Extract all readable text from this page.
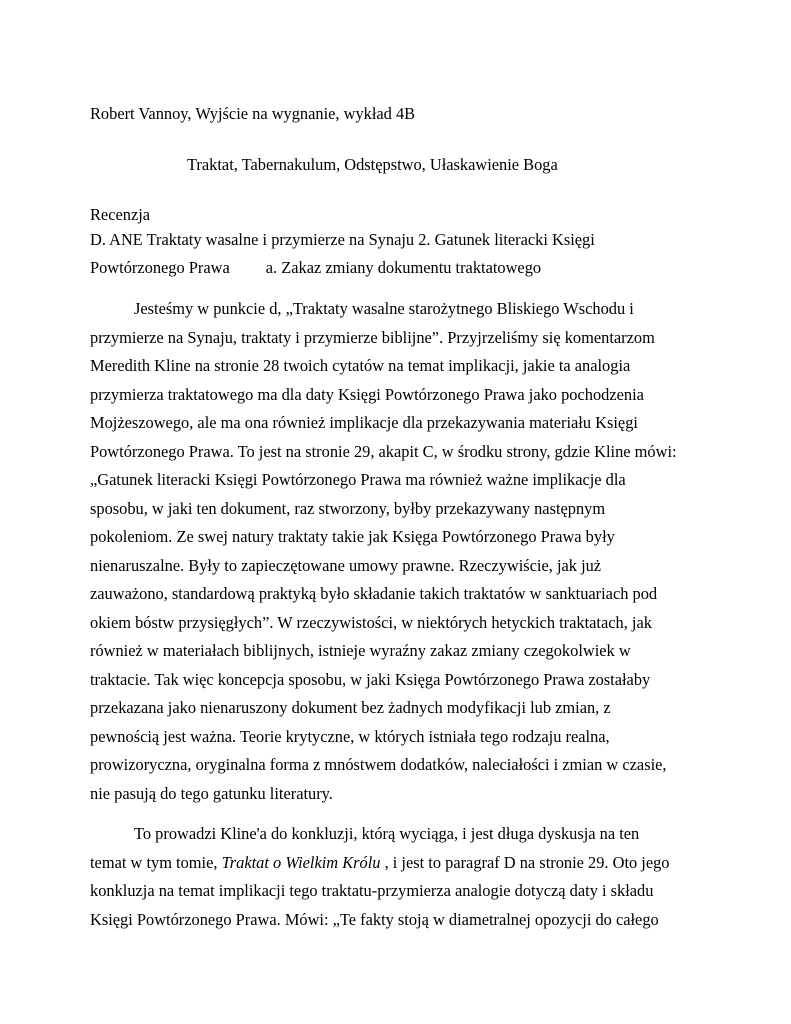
Robert Vannoy, Wyjście na wygnanie, wykład 4B
Traktat, Tabernakulum, Odstępstwo, Ułaskawienie Boga
Recenzja
D. ANE Traktaty wasalne i przymierze na Synaju 2. Gatunek literacki Księgi
Powtórzonego Prawa a. Zakaz zmiany dokumentu traktatowego
Jesteśmy w punkcie d, „Traktaty wasalne starożytnego Bliskiego Wschodu i
przymierze na Synaju, traktaty i przymierze biblijne”. Przyjrzeliśmy się komentarzom
Meredith Kline na stronie 28 twoich cytatów na temat implikacji, jakie ta analogia
przymierza traktatowego ma dla daty Księgi Powtórzonego Prawa jako pochodzenia
Mojżeszowego, ale ma ona również implikacje dla przekazywania materiału Księgi
Powtórzonego Prawa. To jest na stronie 29, akapit C, w środku strony, gdzie Kline mówi:
„Gatunek literacki Księgi Powtórzonego Prawa ma również ważne implikacje dla
sposobu, w jaki ten dokument, raz stworzony, byłby przekazywany następnym
pokoleniom. Ze swej natury traktaty takie jak Księga Powtórzonego Prawa były
nienaruszalne. Były to zapieczętowane umowy prawne. Rzeczywiście, jak już
zauważono, standardową praktyką było składanie takich traktatów w sanktuariach pod
okiem bóstw przysięgłych”. W rzeczywistości, w niektórych hetyckich traktatach, jak
również w materiałach biblijnych, istnieje wyraźny zakaz zmiany czegokolwiek w
traktacie. Tak więc koncepcja sposobu, w jaki Księga Powtórzonego Prawa zostałaby
przekazana jako nienaruszony dokument bez żadnych modyfikacji lub zmian, z
pewnością jest ważna. Teorie krytyczne, w których istniała tego rodzaju realna,
prowizoryczna, oryginalna forma z mnóstwem dodatków, naleciałości i zmian w czasie,
nie pasują do tego gatunku literatury.
To prowadzi Kline'a do konkluzji, którą wyciąga, i jest długa dyskusja na ten
temat w tym tomie, Traktat o Wielkim Królu , i jest to paragraf D na stronie 29. Oto jego
konkluzja na temat implikacji tego traktatu-przymierza analogie dotyczą daty i składu
Księgi Powtórzonego Prawa. Mówi: „Te fakty stoją w diametralnej opozycji do całego
